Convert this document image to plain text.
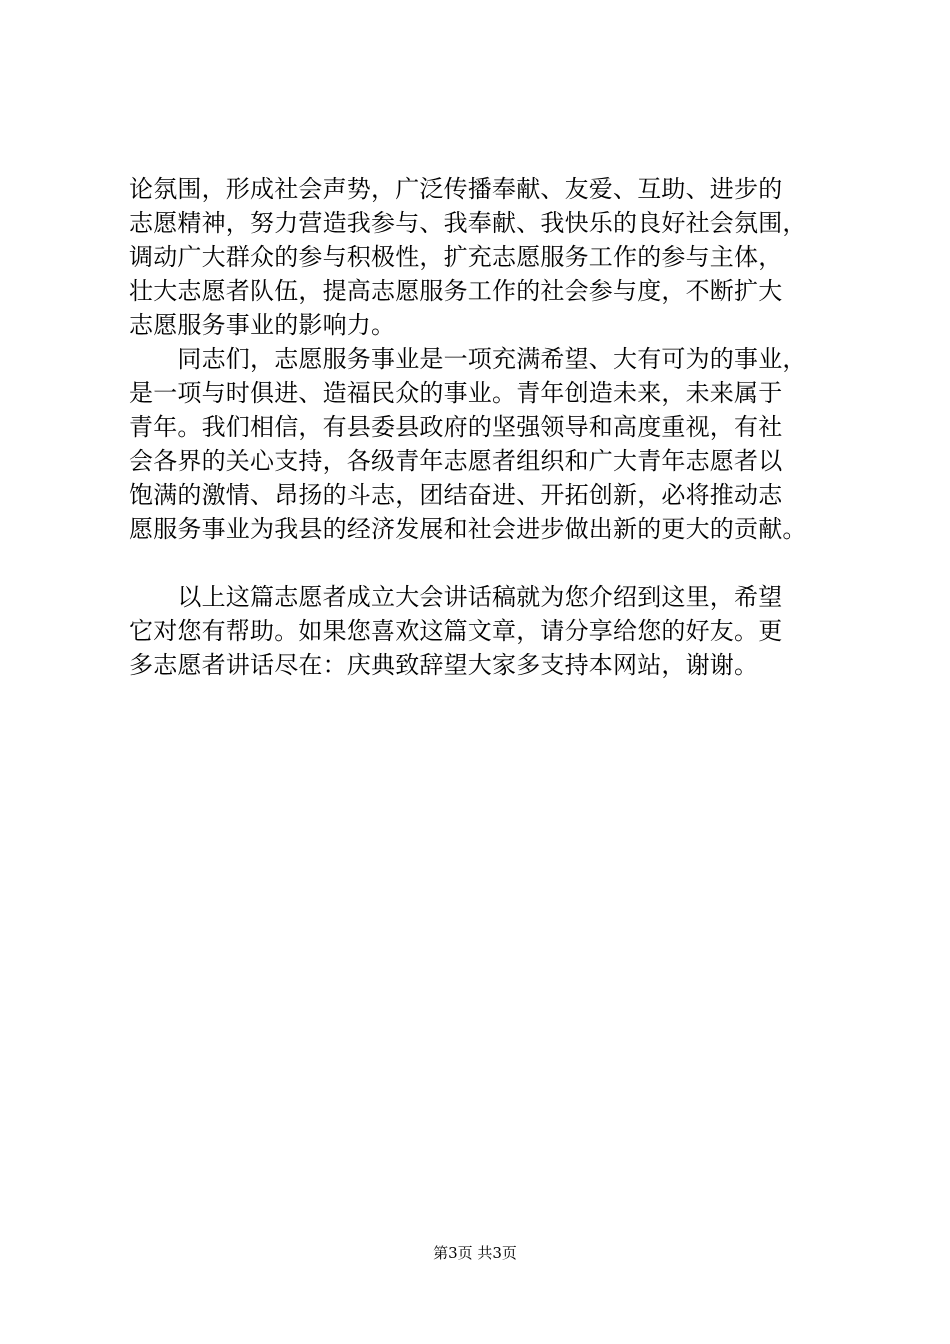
论氛围，形成社会声势，广泛传播奉献、友爱、互助、进步的
志愿精神，努力营造我参与、我奉献、我快乐的良好社会氛围，
调动广大群众的参与积极性，扩充志愿服务工作的参与主体，
壮大志愿者队伍，提高志愿服务工作的社会参与度，不断扩大
志愿服务事业的影响力。
　　同志们，志愿服务事业是一项充满希望、大有可为的事业，
是一项与时俱进、造福民众的事业。青年创造未来，未来属于
青年。我们相信，有县委县政府的坚强领导和高度重视，有社
会各界的关心支持，各级青年志愿者组织和广大青年志愿者以
饱满的激情、昂扬的斗志，团结奋进、开拓创新，必将推动志
愿服务事业为我县的经济发展和社会进步做出新的更大的贡献。
　　以上这篇志愿者成立大会讲话稿就为您介绍到这里，希望
它对您有帮助。如果您喜欢这篇文章，请分享给您的好友。更
多志愿者讲话尽在：庆典致辞望大家多支持本网站，谢谢。
第3页 共3页
